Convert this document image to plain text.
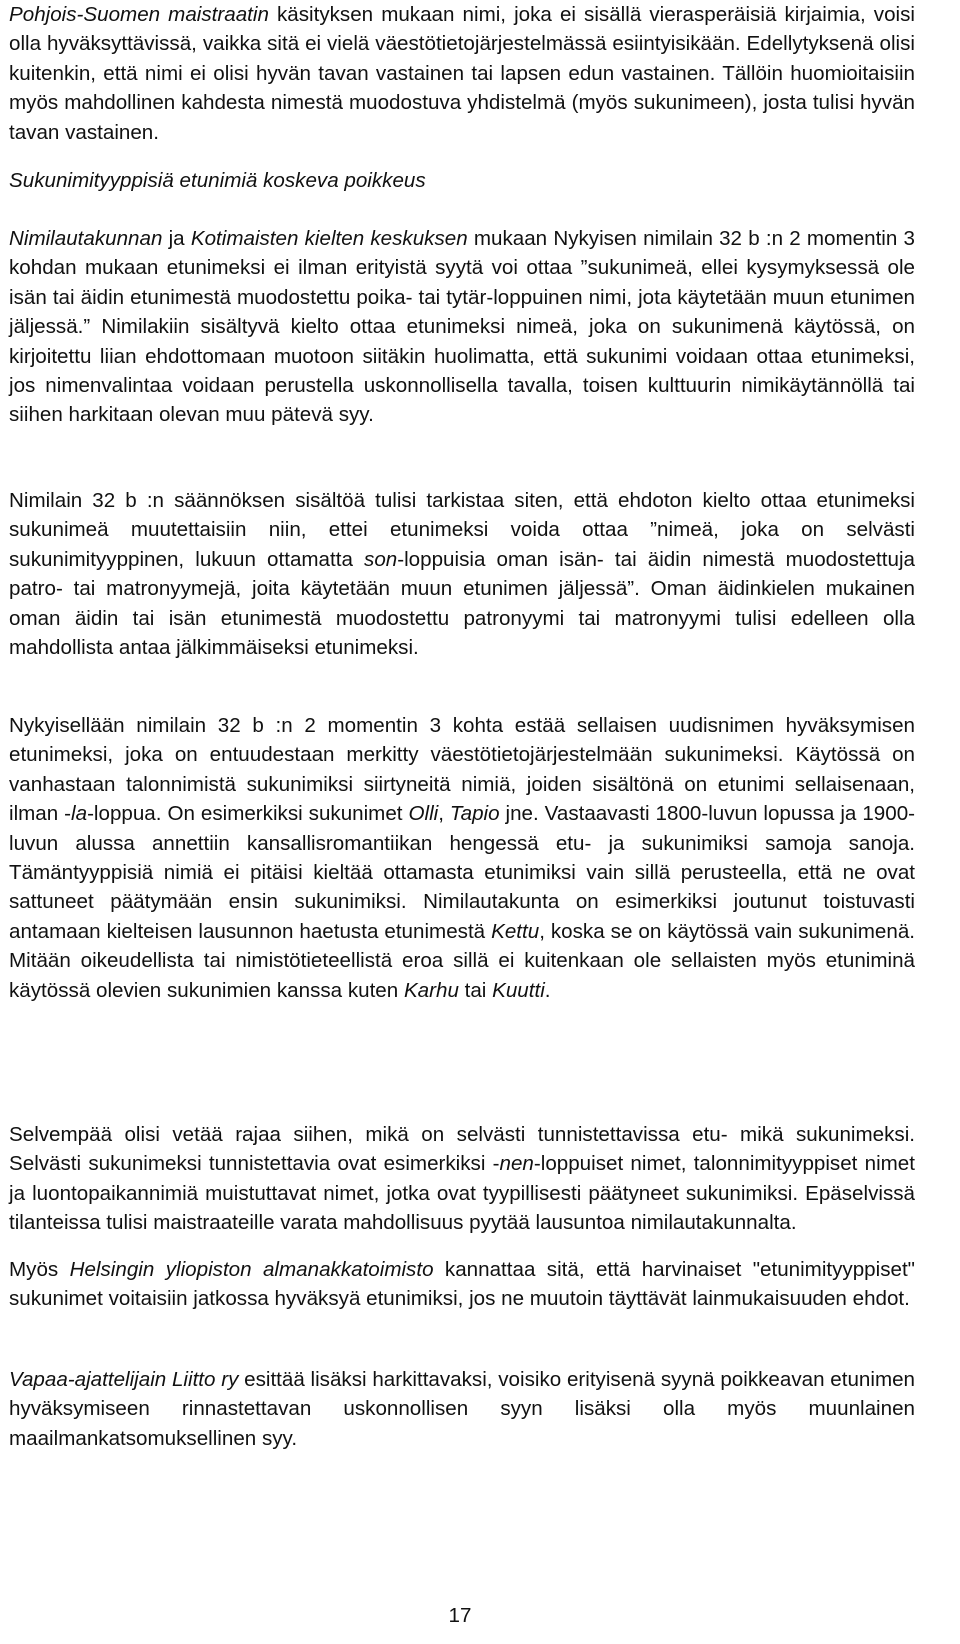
Pohjois-Suomen maistraatin käsityksen mukaan nimi, joka ei sisällä vierasperäisiä kirjaimia, voisi olla hyväksyttävissä, vaikka sitä ei vielä väestötietojärjestelmässä esiintyisikään. Edellytyksenä olisi kuitenkin, että nimi ei olisi hyvän tavan vastainen tai lapsen edun vastainen. Tällöin huomioitaisiin myös mahdollinen kahdesta nimestä muodostuva yhdistelmä (myös sukunimeen), josta tulisi hyvän tavan vastainen.

Sukunimityyppisiä etunimiä koskeva poikkeus

Nimilautakunnan ja Kotimaisten kielten keskuksen mukaan Nykyisen nimilain 32 b :n 2 momentin 3 kohdan mukaan etunimeksi ei ilman erityistä syytä voi ottaa ”sukunimeä, ellei kysymyksessä ole isän tai äidin etunimestä muodostettu poika- tai tytär-loppuinen nimi, jota käytetään muun etunimen jäljessä.” Nimilakiin sisältyvä kielto ottaa etunimeksi nimeä, joka on sukunimenä käytössä, on kirjoitettu liian ehdottomaan muotoon siitäkin huolimatta, että sukunimi voidaan ottaa etunimeksi, jos nimenvalintaa voidaan perustella uskonnollisella tavalla, toisen kulttuurin nimikäytännöllä tai siihen harkitaan olevan muu pätevä syy.

Nimilain 32 b :n säännöksen sisältöä tulisi tarkistaa siten, että ehdoton kielto ottaa etunimeksi sukunimeä muutettaisiin niin, ettei etunimeksi voida ottaa ”nimeä, joka on selvästi sukunimityyppinen, lukuun ottamatta son-loppuisia oman isän- tai äidin nimestä muodostettuja patro- tai matronyymejä, joita käytetään muun etunimen jäljessä”. Oman äidinkielen mukainen oman äidin tai isän etunimestä muodostettu patronyymi tai matronyymi tulisi edelleen olla mahdollista antaa jälkimmäiseksi etunimeksi.

Nykyisellään nimilain 32 b :n 2 momentin 3 kohta estää sellaisen uudisnimen hyväksymisen etunimeksi, joka on entuudestaan merkitty väestötietojärjestelmään sukunimeksi. Käytössä on vanhastaan talonnimistä sukunimiksi siirtyneitä nimiä, joiden sisältönä on etunimi sellaisenaan, ilman -la-loppua. On esimerkiksi sukunimet Olli, Tapio jne. Vastaavasti 1800-luvun lopussa ja 1900-luvun alussa annettiin kansallisromantiikan hengessä etu- ja sukunimiksi samoja sanoja. Tämäntyyppisiä nimiä ei pitäisi kieltää ottamasta etunimiksi vain sillä perusteella, että ne ovat sattuneet päätymään ensin sukunimiksi. Nimilautakunta on esimerkiksi joutunut toistuvasti antamaan kielteisen lausunnon haetusta etunimestä Kettu, koska se on käytössä vain sukunimenä. Mitään oikeudellista tai nimistötieteellistä eroa sillä ei kuitenkaan ole sellaisten myös etuniminä käytössä olevien sukunimien kanssa kuten Karhu tai Kuutti.

Selvempää olisi vetää rajaa siihen, mikä on selvästi tunnistettavissa etu- mikä sukunimeksi. Selvästi sukunimeksi tunnistettavia ovat esimerkiksi -nen-loppuiset nimet, talonnimityyppiset nimet ja luontopaikannimiä muistuttavat nimet, jotka ovat tyypillisesti päätyneet sukunimiksi. Epäselvissä tilanteissa tulisi maistraateille varata mahdollisuus pyytää lausuntoa nimilautakunnalta.

Myös Helsingin yliopiston almanakkatoimisto kannattaa sitä, että harvinaiset "etunimityyppiset" sukunimet voitaisiin jatkossa hyväksyä etunimiksi, jos ne muutoin täyttävät lainmukaisuuden ehdot.

Vapaa-ajattelijain Liitto ry esittää lisäksi harkittavaksi, voisiko erityisenä syynä poikkeavan etunimen hyväksymiseen rinnastettavan uskonnollisen syyn lisäksi olla myös muunlainen maailmankatsomuksellinen syy.

17
